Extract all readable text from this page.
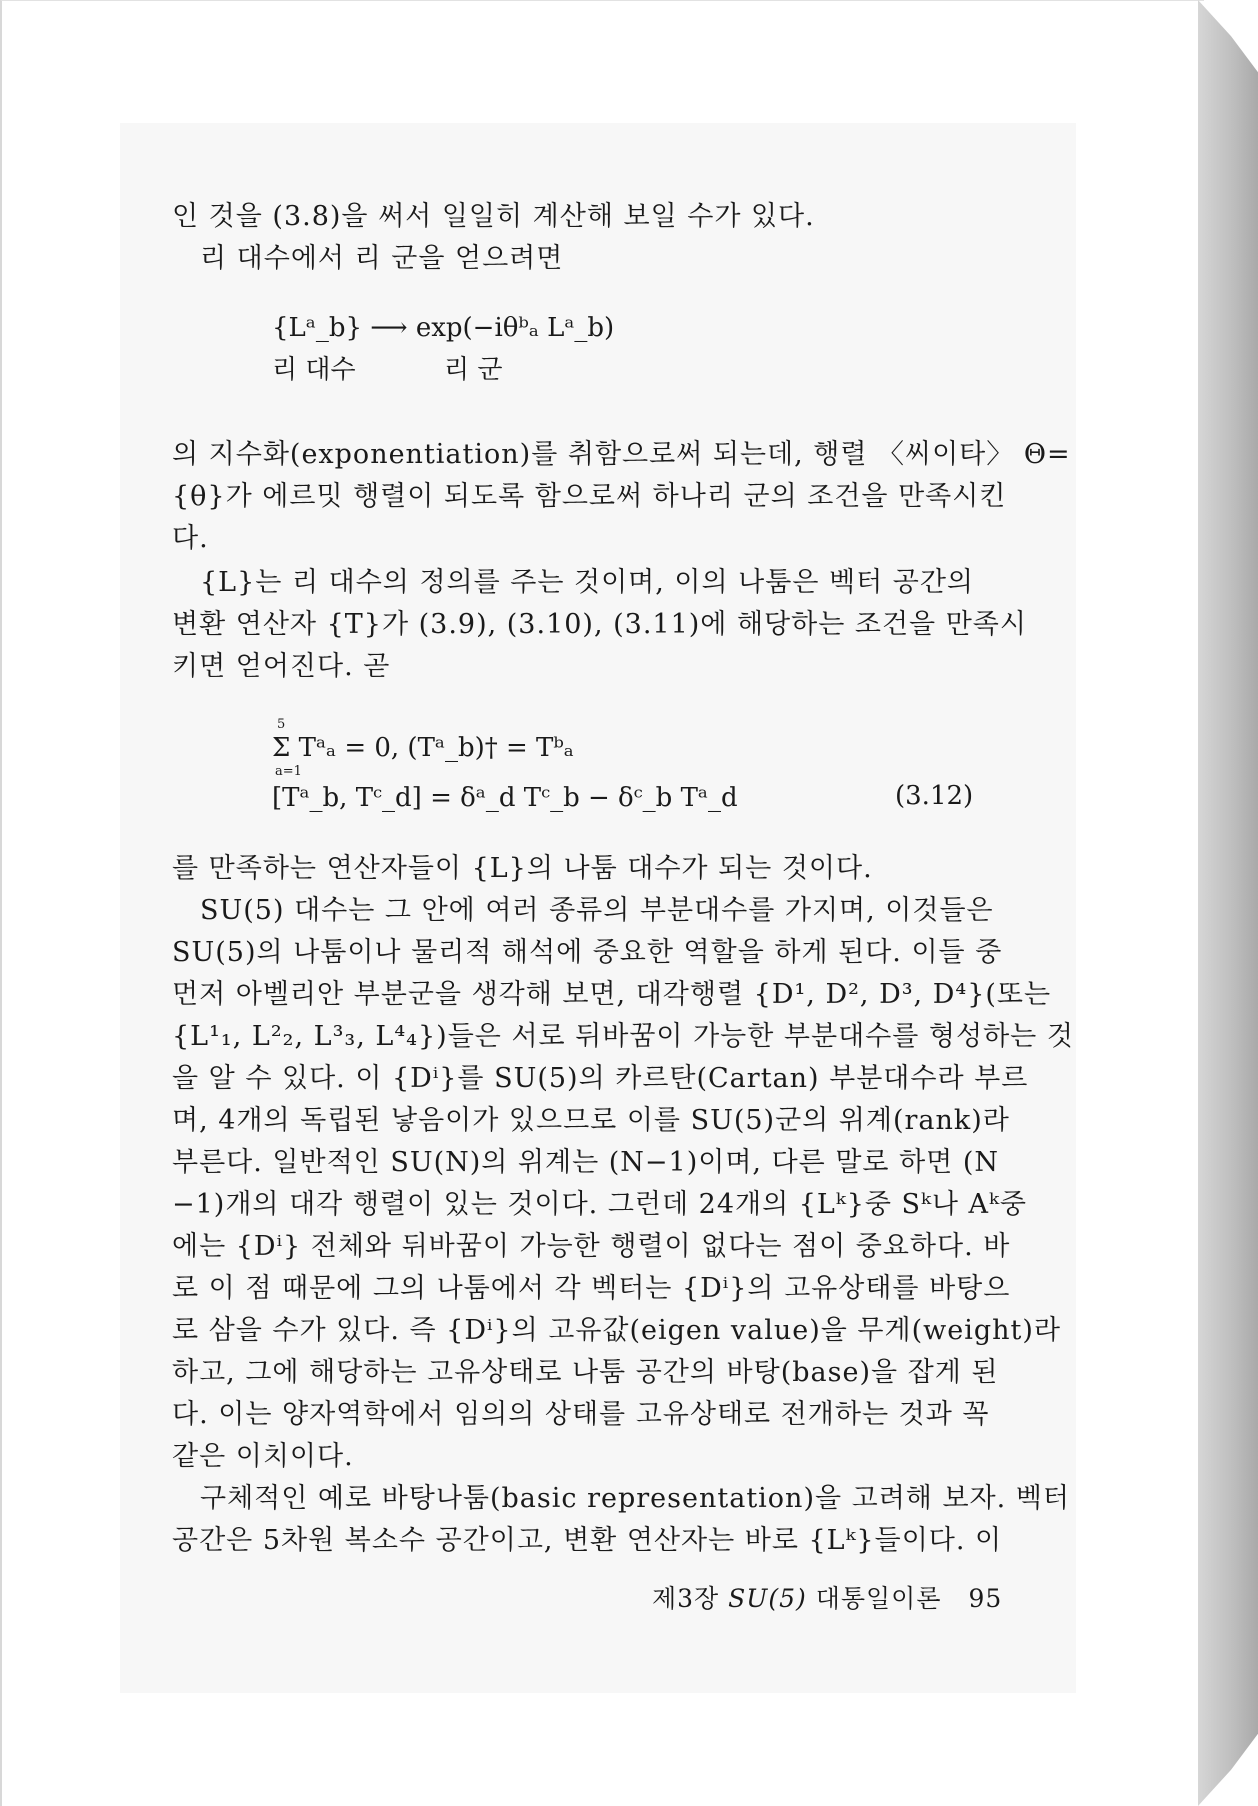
인 것을 (3.8)을 써서 일일히 계산해 보일 수가 있다.
리 대수에서 리 군을 얻으려면
{Lᵃ_b} ⟶ exp(−iθᵇₐ Lᵃ_b)
리 대수	리 군
의 지수화(exponentiation)를 취함으로써 되는데, 행렬 〈씨이타〉 Θ=
{θ}가 에르밋 행렬이 되도록 함으로써 하나리 군의 조건을 만족시킨
다.
{L}는 리 대수의 정의를 주는 것이며, 이의 나툼은 벡터 공간의
변환 연산자 {T}가 (3.9), (3.10), (3.11)에 해당하는 조건을 만족시
키면 얻어진다. 곧
5
a=1
Σ Tᵃₐ = 0, (Tᵃ_b)† = Tᵇₐ
[Tᵃ_b, Tᶜ_d] = δᵃ_d Tᶜ_b − δᶜ_b Tᵃ_d	(3.12)
를 만족하는 연산자들이 {L}의 나툼 대수가 되는 것이다.
SU(5) 대수는 그 안에 여러 종류의 부분대수를 가지며, 이것들은
SU(5)의 나툼이나 물리적 해석에 중요한 역할을 하게 된다. 이들 중
먼저 아벨리안 부분군을 생각해 보면, 대각행렬 {D¹, D², D³, D⁴}(또는
{L¹₁, L²₂, L³₃, L⁴₄})들은 서로 뒤바꿈이 가능한 부분대수를 형성하는 것
을 알 수 있다. 이 {Dⁱ}를 SU(5)의 카르탄(Cartan) 부분대수라 부르
며, 4개의 독립된 낳음이가 있으므로 이를 SU(5)군의 위계(rank)라
부른다. 일반적인 SU(N)의 위계는 (N−1)이며, 다른 말로 하면 (N
−1)개의 대각 행렬이 있는 것이다. 그런데 24개의 {Lᵏ}중 Sᵏ나 Aᵏ중
에는 {Dⁱ} 전체와 뒤바꿈이 가능한 행렬이 없다는 점이 중요하다. 바
로 이 점 때문에 그의 나툼에서 각 벡터는 {Dⁱ}의 고유상태를 바탕으
로 삼을 수가 있다. 즉 {Dⁱ}의 고유값(eigen value)을 무게(weight)라
하고, 그에 해당하는 고유상태로 나툼 공간의 바탕(base)을 잡게 된
다. 이는 양자역학에서 임의의 상태를 고유상태로 전개하는 것과 꼭
같은 이치이다.
구체적인 예로 바탕나툼(basic representation)을 고려해 보자. 벡터
공간은 5차원 복소수 공간이고, 변환 연산자는 바로 {Lᵏ}들이다. 이
제3장 SU(5) 대통일이론 95
